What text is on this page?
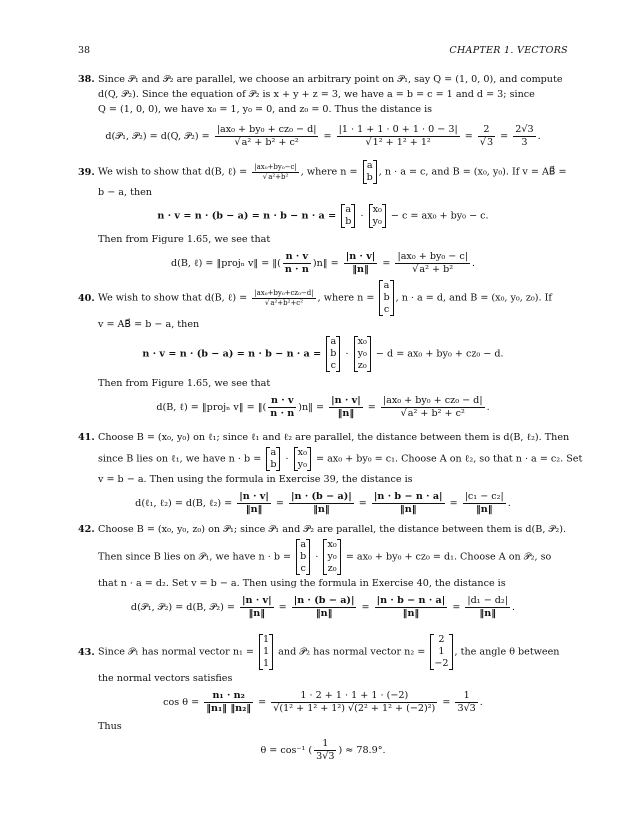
38	CHAPTER 1. VECTORS
38. Since 𝒫₁ and 𝒫₂ are parallel, we choose an arbitrary point on 𝒫₁, say Q = (1, 0, 0), and compute
d(Q, 𝒫₂). Since the equation of 𝒫₂ is x + y + z = 3, we have a = b = c = 1 and d = 3; since
Q = (1, 0, 0), we have x₀ = 1, y₀ = 0, and z₀ = 0. Thus the distance is
d(𝒫₁, 𝒫₂) = d(Q, 𝒫₂) = $\frac{\text{|ax₀ + by₀ + cz₀ − d|}}{\text{√a² + b² + c²}} = \frac{|1 \cdot 1 + 1 \cdot 0 + 1 \cdot 0 - 3|}{\text{√1² + 1² + 1²}} = \frac{2}{√3} = \frac{2√3}{3}$ .
39. We wish to show that d(B, ℓ) = $\frac{\text{|ax₀+by₀−c|}}{\text{√a²+b²}}$ , where n =
a
b , n · a = c, and B = (x₀, y₀). If v = AB⃗ =
b − a, then
n · v = n · (b − a) = n · b − n · a =
a
b ·
x₀
y₀ − c = ax₀ + by₀ − c.
Then from Figure 1.65, we see that
d(B, ℓ) = ‖projₙ v‖ = ‖( $\frac{n \cdot v}{n \cdot n}$ )n‖ = $\frac{|n \cdot v|}{‖n‖} = \frac{\text{|ax₀ + by₀ − c|}}{\text{√a² + b²}}$ .
40. We wish to show that d(B, ℓ) = $\frac{\text{|ax₀+by₀+cz₀−d|}}{\text{√a²+b²+c²}}$ , where n =
a
b
c
, n · a = d, and B = (x₀, y₀, z₀). If
v = AB⃗ = b − a, then
n · v = n · (b − a) = n · b − n · a =
a
b
c
·
x₀
y₀
z₀
− d = ax₀ + by₀ + cz₀ − d.
Then from Figure 1.65, we see that
d(B, ℓ) = ‖projₙ v‖ = ‖( $\frac{n \cdot v}{n \cdot n}$ )n‖ = $\frac{|n \cdot v|}{‖n‖} = \frac{\text{|ax₀ + by₀ + cz₀ − d|}}{\text{√a² + b² + c²}}$ .
41. Choose B = (x₀, y₀) on ℓ₁; since ℓ₁ and ℓ₂ are parallel, the distance between them is d(B, ℓ₂). Then
since B lies on ℓ₁, we have n · b =
a
b ·
x₀
y₀ = ax₀ + by₀ = c₁. Choose A on ℓ₂, so that n · a = c₂. Set
v = b − a. Then using the formula in Exercise 39, the distance is
d(ℓ₁, ℓ₂) = d(B, ℓ₂) = $\frac{|n \cdot v|}{‖n‖} = \frac{|n \cdot (b - a)|}{‖n‖} = \frac{|n \cdot b - n \cdot a|}{‖n‖} = \frac{\text{|c₁ − c₂|}}{‖n‖}$ .
42. Choose B = (x₀, y₀, z₀) on 𝒫₁; since 𝒫₁ and 𝒫₂ are parallel, the distance between them is d(B, 𝒫₂).
Then since B lies on 𝒫₁, we have n · b =
a
b
c
·
x₀
y₀
z₀
= ax₀ + by₀ + cz₀ = d₁. Choose A on 𝒫₂, so
that n · a = d₂. Set v = b − a. Then using the formula in Exercise 40, the distance is
d(𝒫₁, 𝒫₂) = d(B, 𝒫₂) = $\frac{|n \cdot v|}{‖n‖} = \frac{|n \cdot (b - a)|}{‖n‖} = \frac{|n \cdot b - n \cdot a|}{‖n‖} = \frac{\text{|d₁ − d₂|}}{‖n‖}$ .
43. Since 𝒫₁ has normal vector n₁ =
1
1
1
and 𝒫₂ has normal vector n₂ =
2
1
−2
, the angle θ between
the normal vectors satisfies
$\cos \theta = \frac{\text{n₁ · n₂}}{\text{‖n₁‖ ‖n₂‖}} = \frac{1 \cdot 2 + 1 \cdot 1 + 1 \cdot (-2)}{\text{√(1² + 1² + 1²) √(2² + 1² + (−2)²)}} = \frac{1}{3√3}$ .
Thus
θ = cos⁻¹ ( $\frac{1}{3√3}$ ) ≈ 78.9°.
